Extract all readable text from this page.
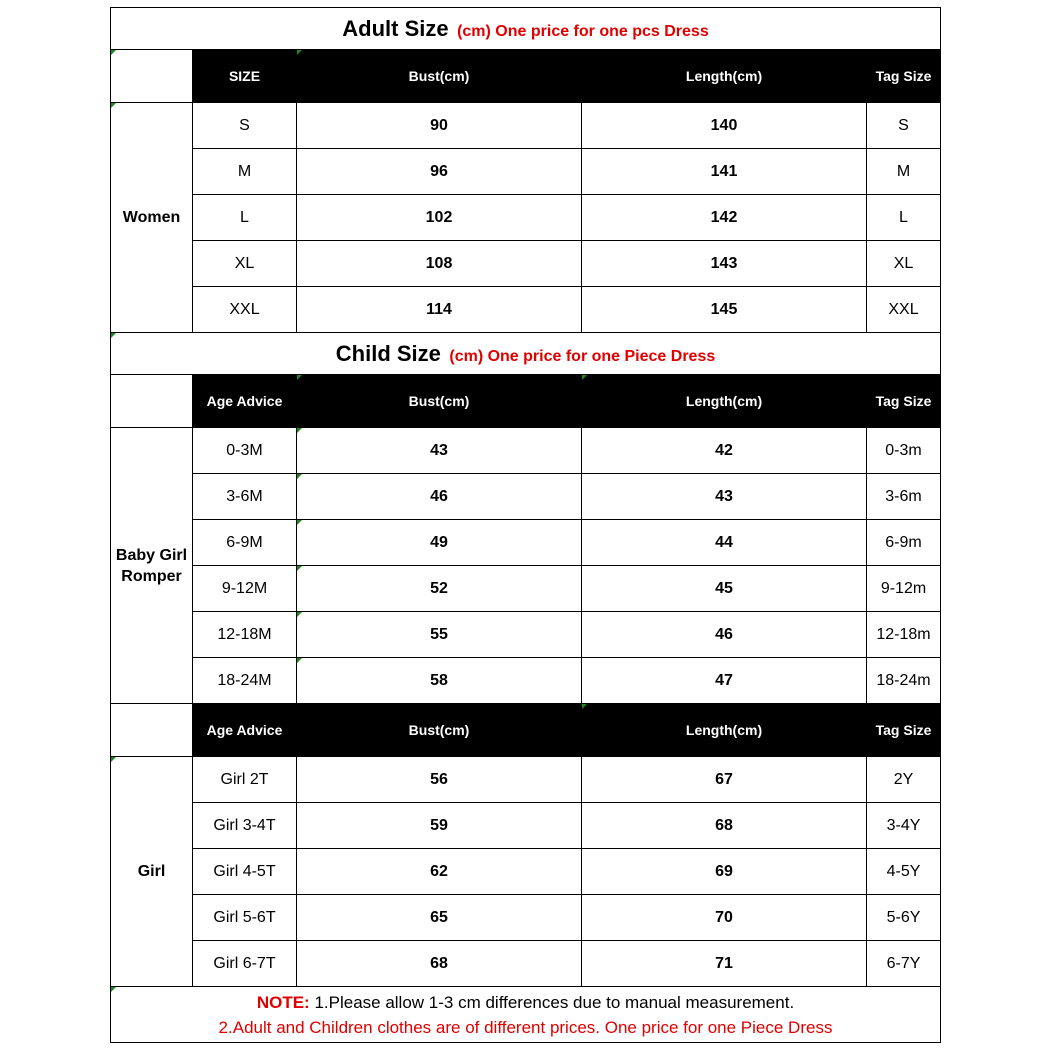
Adult Size (cm) One price for one pcs Dress				
	SIZE	Bust(cm)	Length(cm)	Tag Size
Women	S	90	140	S
	M	96	141	M
	L	102	142	L
	XL	108	143	XL
	XXL	114	145	XXL
Child Size (cm) One price for one Piece Dress				
	Age Advice	Bust(cm)	Length(cm)	Tag Size

Baby Girl
Romper	0-3M	43	42	0-3m
	3-6M	46	43	3-6m
	6-9M	49	44	6-9m
	9-12M	52	45	9-12m
	12-18M	55	46	12-18m
	18-24M	58	47	18-24m
	Age Advice	Bust(cm)	Length(cm)	Tag Size
Girl	Girl 2T	56	67	2Y
	Girl 3-4T	59	68	3-4Y
	Girl 4-5T	62	69	4-5Y
	Girl 5-6T	65	70	5-6Y
	Girl 6-7T	68	71	6-7Y

NOTE: 1.Please allow 1-3 cm differences due to manual measurement.
2.Adult and Children clothes are of different prices. One price for one Piece Dress				
